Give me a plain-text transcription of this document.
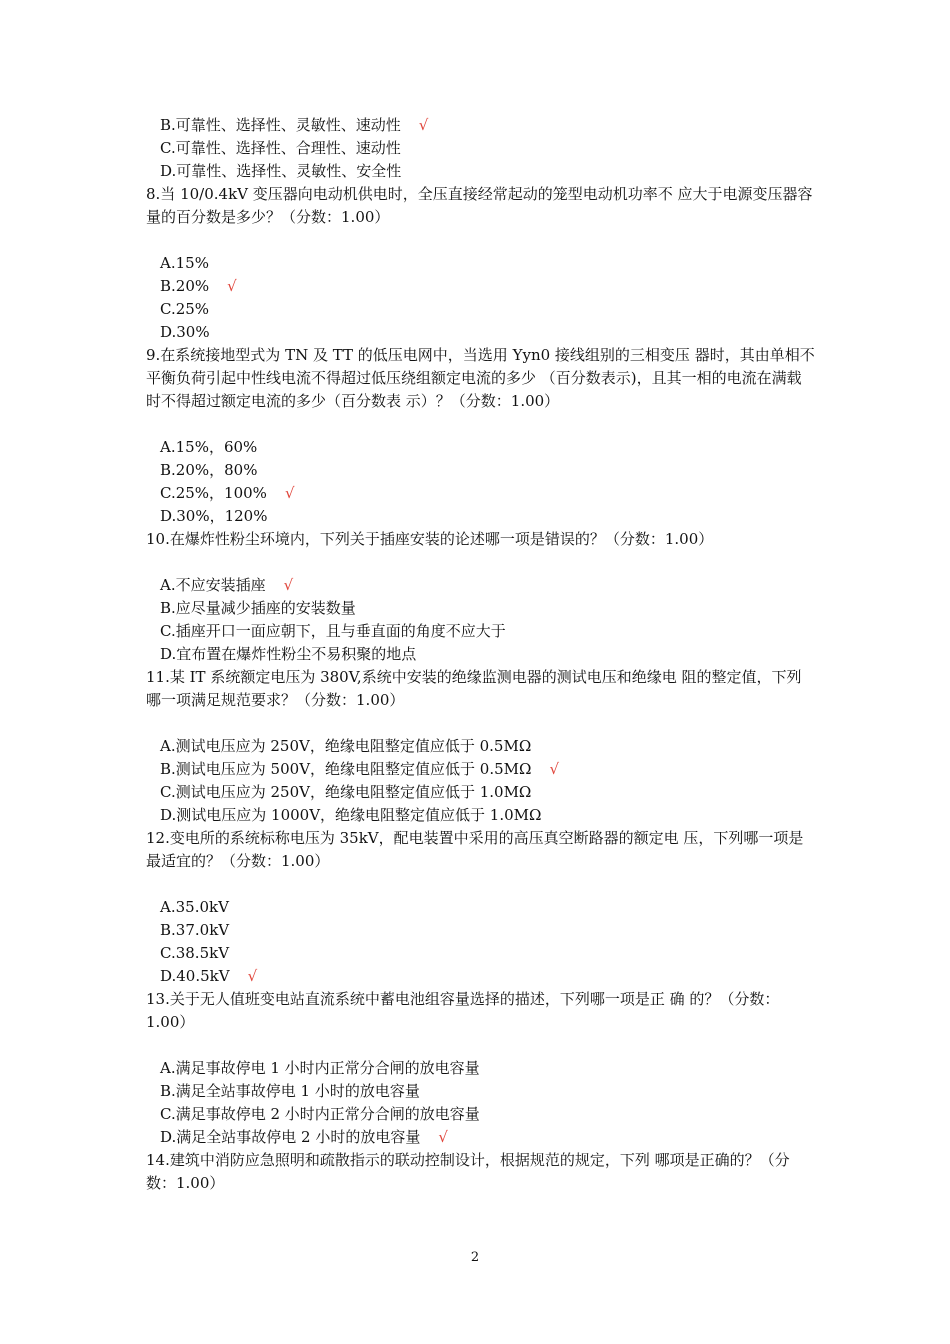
B.可靠性、选择性、灵敏性、速动性 √
C.可靠性、选择性、合理性、速动性
D.可靠性、选择性、灵敏性、安全性
8.当 10/0.4kV 变压器向电动机供电时，全压直接经常起动的笼型电动机功率不 应大于电源变压器容量的百分数是多少？（分数：1.00）
A.15%
B.20% √
C.25%
D.30%
9.在系统接地型式为 TN 及 TT 的低压电网中，当选用 Yyn0 接线组别的三相变压 器时，其由单相不平衡负荷引起中性线电流不得超过低压绕组额定电流的多少 （百分数表示)，且其一相的电流在满载时不得超过额定电流的多少（百分数表 示）？（分数：1.00）
A.15%，60%
B.20%，80%
C.25%，100% √
D.30%，120%
10.在爆炸性粉尘环境内，下列关于插座安装的论述哪一项是错误的？（分数：1.00）
A.不应安装插座 √
B.应尽量减少插座的安装数量
C.插座开口一面应朝下，且与垂直面的角度不应大于
D.宜布置在爆炸性粉尘不易积聚的地点
11.某 IT 系统额定电压为 380V,系统中安装的绝缘监测电器的测试电压和绝缘电 阻的整定值，下列哪一项满足规范要求？（分数：1.00）
A.测试电压应为 250V，绝缘电阻整定值应低于 0.5MΩ
B.测试电压应为 500V，绝缘电阻整定值应低于 0.5MΩ √
C.测试电压应为 250V，绝缘电阻整定值应低于 1.0MΩ
D.测试电压应为 1000V，绝缘电阻整定值应低于 1.0MΩ
12.变电所的系统标称电压为 35kV，配电装置中采用的高压真空断路器的额定电 压，下列哪一项是最适宜的？（分数：1.00）
A.35.0kV
B.37.0kV
C.38.5kV
D.40.5kV √
13.关于无人值班变电站直流系统中蓄电池组容量选择的描述，下列哪一项是正 确 的？（分数：1.00）
A.满足事故停电 1 小时内正常分合闸的放电容量
B.满足全站事故停电 1 小时的放电容量
C.满足事故停电 2 小时内正常分合闸的放电容量
D.满足全站事故停电 2 小时的放电容量 √
14.建筑中消防应急照明和疏散指示的联动控制设计，根据规范的规定，下列 哪项是正确的？（分数：1.00）
2
